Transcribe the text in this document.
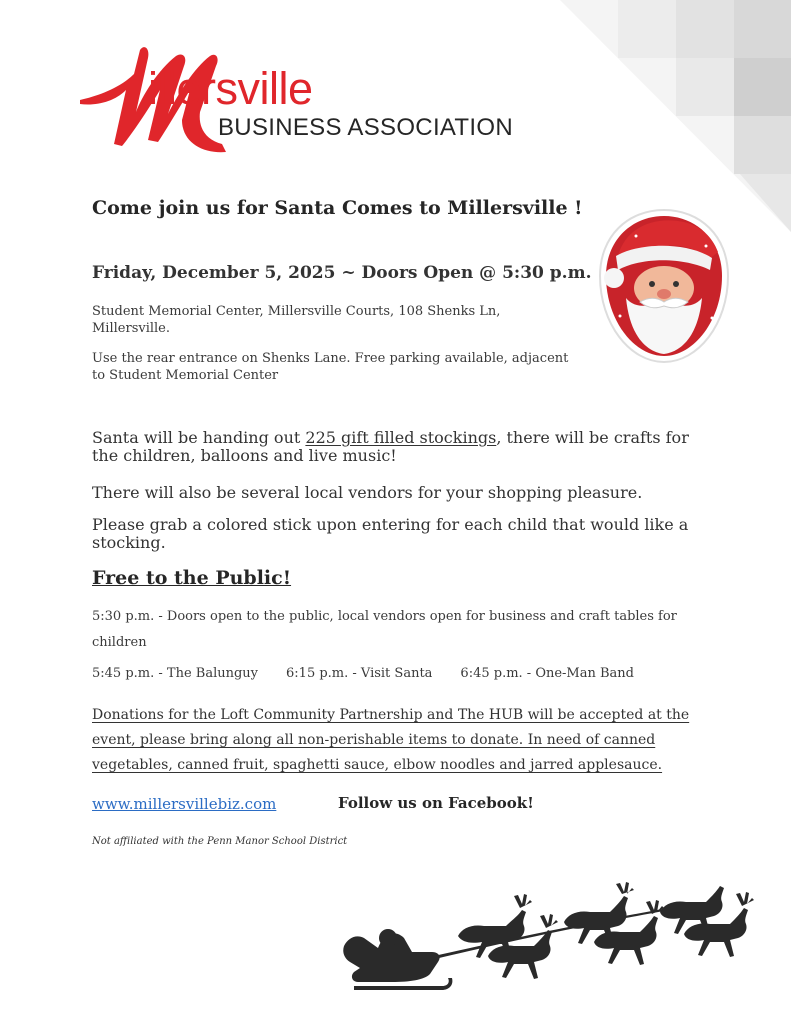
illersville
BUSINESS ASSOCIATION
Come join us for Santa Comes to Millersville !
Friday, December 5, 2025 ~ Doors Open @ 5:30 p.m.
Student Memorial Center, Millersville Courts, 108 Shenks Ln, Millersville.
Use the rear entrance on Shenks Lane. Free parking available, adjacent to Student Memorial Center
Santa will be handing out 225 gift filled stockings, there will be crafts for the children, balloons and live music!
There will also be several local vendors for your shopping pleasure.
Please grab a colored stick upon entering for each child that would like a stocking.
Free to the Public!
5:30 p.m. - Doors open to the public, local vendors open for business and craft tables for children
5:45 p.m. - The Balunguy 6:15 p.m. - Visit Santa 6:45 p.m. - One-Man Band
Donations for the Loft Community Partnership and The HUB will be accepted at the event, please bring along all non-perishable items to donate. In need of canned vegetables, canned fruit, spaghetti sauce, elbow noodles and jarred applesauce.
www.millersvillebiz.com	Follow us on Facebook!
Not affiliated with the Penn Manor School District
